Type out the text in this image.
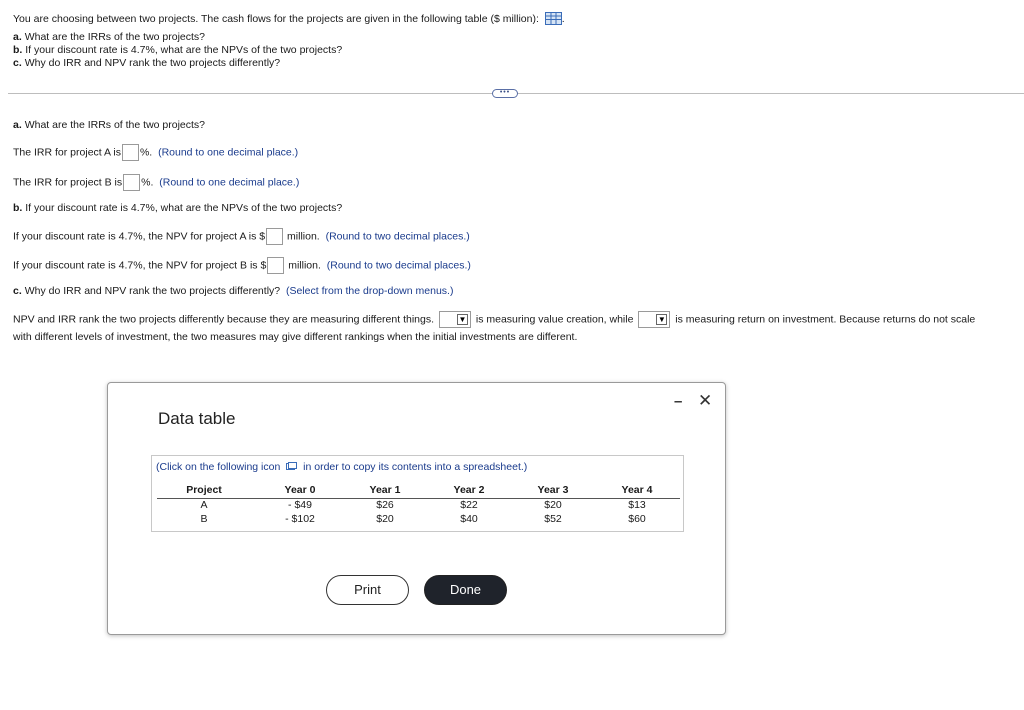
You are choosing between two projects. The cash flows for the projects are given in the following table ($ million): .
a. What are the IRRs of the two projects?
b. If your discount rate is 4.7%, what are the NPVs of the two projects?
c. Why do IRR and NPV rank the two projects differently?
•••
a. What are the IRRs of the two projects?
The IRR for project A is %. (Round to one decimal place.)
The IRR for project B is %. (Round to one decimal place.)
b. If your discount rate is 4.7%, what are the NPVs of the two projects?
If your discount rate is 4.7%, the NPV for project A is $ million. (Round to two decimal places.)
If your discount rate is 4.7%, the NPV for project B is $ million. (Round to two decimal places.)
c. Why do IRR and NPV rank the two projects differently? (Select from the drop-down menus.)
NPV and IRR rank the two projects differently because they are measuring different things.	▼ is measuring value creation, while	▼ is measuring return on investment. Because returns do not scale
with different levels of investment, the two measures may give different rankings when the initial investments are different.
Data table
– ✕
(Click on the following icon in order to copy its contents into a spreadsheet.)
Project	Year 0	Year 1	Year 2	Year 3	Year 4
A	- $49	$26	$22	$20	$13
B	- $102	$20	$40	$52	$60
Print	Done
